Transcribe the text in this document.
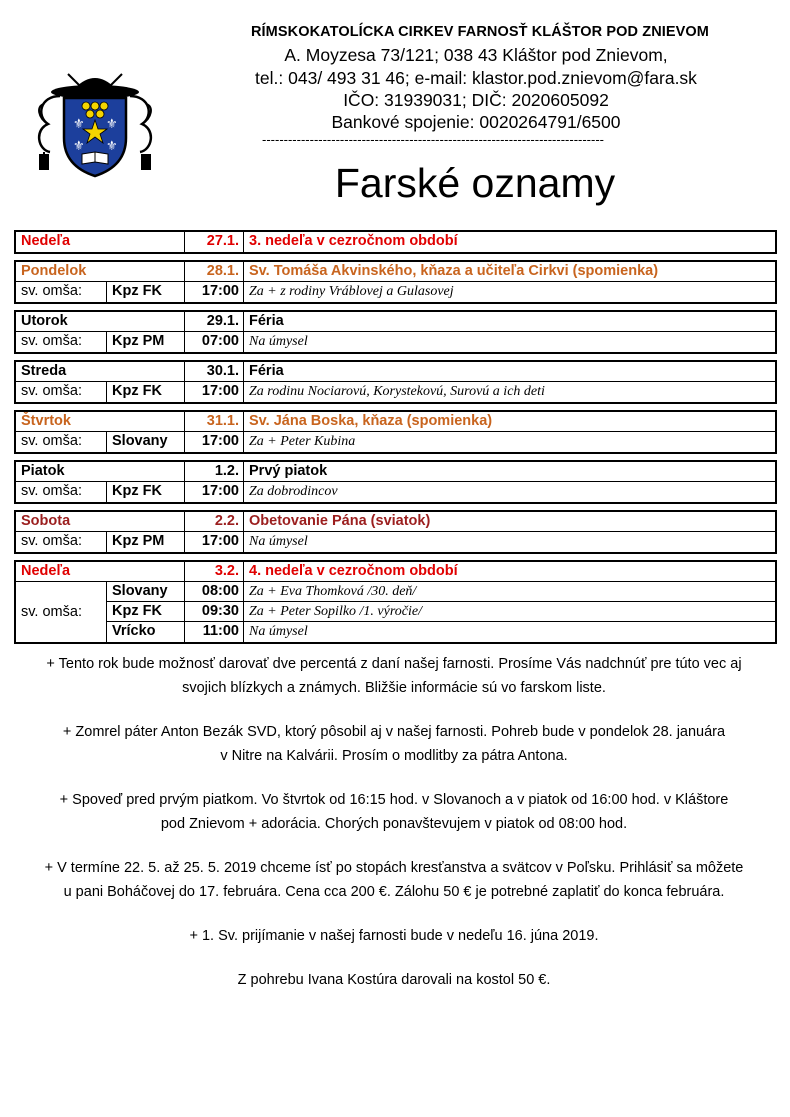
⚜ ⚜
⚜ ⚜
RÍMSKOKATOLÍCKA CIRKEV FARNOSŤ KLÁŠTOR POD ZNIEVOM
A. Moyzesa 73/121; 038 43 Kláštor pod Znievom,
tel.: 043/ 493 31 46; e-mail: klastor.pod.znievom@fara.sk
IČO: 31939031; DIČ: 2020605092
Bankové spojenie: 0020264791/6500
-------------------------------------------------------------------------------
Farské oznamy
Nedeľa	27.1. 3. nedeľa v cezročnom období
Pondelok	28.1. Sv. Tomáša Akvinského, kňaza a učiteľa Cirkvi (spomienka)
sv. omša:	Kpz FK	17:00 Za + z rodiny Vráblovej a Gulasovej
Utorok	29.1. Féria
sv. omša:	Kpz PM	07:00 Na úmysel
Streda	30.1. Féria
sv. omša:	Kpz FK	17:00 Za rodinu Nociarovú, Korystekovú, Surovú a ich deti
Štvrtok	31.1. Sv. Jána Boska, kňaza (spomienka)
sv. omša:	Slovany	17:00 Za + Peter Kubina
Piatok	1.2. Prvý piatok
sv. omša:	Kpz FK	17:00 Za dobrodincov
Sobota	2.2. Obetovanie Pána (sviatok)
sv. omša:	Kpz PM	17:00 Na úmysel
Nedeľa	3.2. 4. nedeľa v cezročnom období
sv. omša:
Slovany	08:00 Za + Eva Thomková /30. deň/
Kpz FK	09:30 Za + Peter Sopilko /1. výročie/
Vrícko	11:00 Na úmysel
+ Tento rok bude možnosť darovať dve percentá z daní našej farnosti. Prosíme Vás nadchnúť pre túto vec aj
svojich blízkych a známych. Bližšie informácie sú vo farskom liste.
+ Zomrel páter Anton Bezák SVD, ktorý pôsobil aj v našej farnosti. Pohreb bude v pondelok 28. januára
v Nitre na Kalvárii. Prosím o modlitby za pátra Antona.
+ Spoveď pred prvým piatkom. Vo štvrtok od 16:15 hod. v Slovanoch a v piatok od 16:00 hod. v Kláštore
pod Znievom + adorácia. Chorých ponavštevujem v piatok od 08:00 hod.
+ V termíne 22. 5. až 25. 5. 2019 chceme ísť po stopách kresťanstva a svätcov v Poľsku. Prihlásiť sa môžete
u pani Boháčovej do 17. februára. Cena cca 200 €. Zálohu 50 € je potrebné zaplatiť do konca februára.
+ 1. Sv. prijímanie v našej farnosti bude v nedeľu 16. júna 2019.
Z pohrebu Ivana Kostúra darovali na kostol 50 €.
